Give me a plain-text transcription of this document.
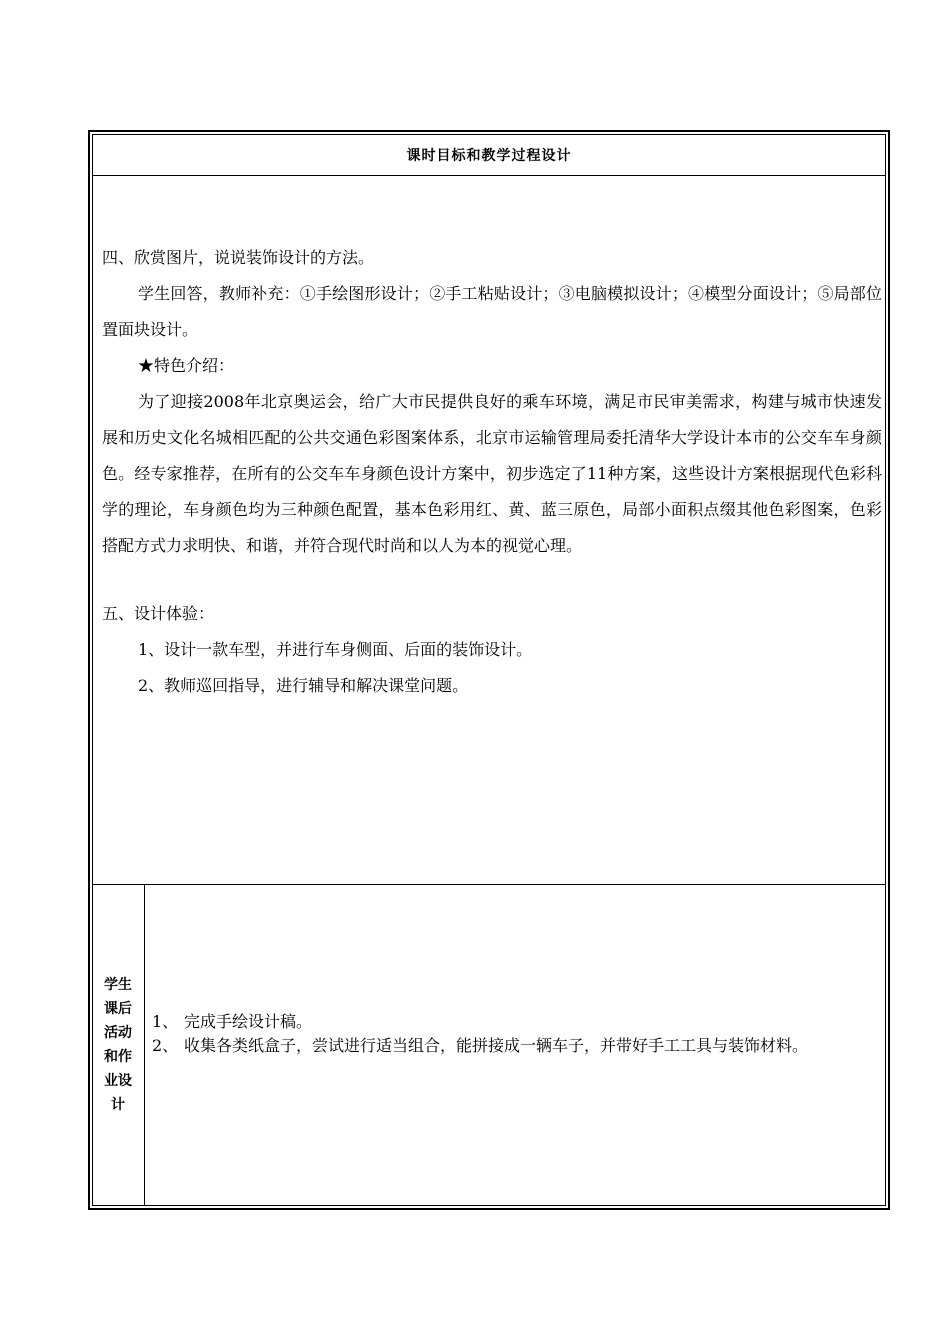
课时目标和教学过程设计
四、欣赏图片，说说装饰设计的方法。
学生回答，教师补充：①手绘图形设计；②手工粘贴设计；③电脑模拟设计；④模型分面设计；⑤局部位置面块设计。
★特色介绍：
为了迎接2008年北京奥运会，给广大市民提供良好的乘车环境，满足市民审美需求，构建与城市快速发展和历史文化名城相匹配的公共交通色彩图案体系，北京市运输管理局委托清华大学设计本市的公交车车身颜色。经专家推荐，在所有的公交车车身颜色设计方案中，初步选定了11种方案，这些设计方案根据现代色彩科学的理论，车身颜色均为三种颜色配置，基本色彩用红、黄、蓝三原色，局部小面积点缀其他色彩图案，色彩搭配方式力求明快、和谐，并符合现代时尚和以人为本的视觉心理。
五、设计体验：
1、设计一款车型，并进行车身侧面、后面的装饰设计。
2、教师巡回指导，进行辅导和解决课堂问题。
学生课后活动和作业设计
1、 完成手绘设计稿。
2、 收集各类纸盒子，尝试进行适当组合，能拼接成一辆车子，并带好手工工具与装饰材料。
